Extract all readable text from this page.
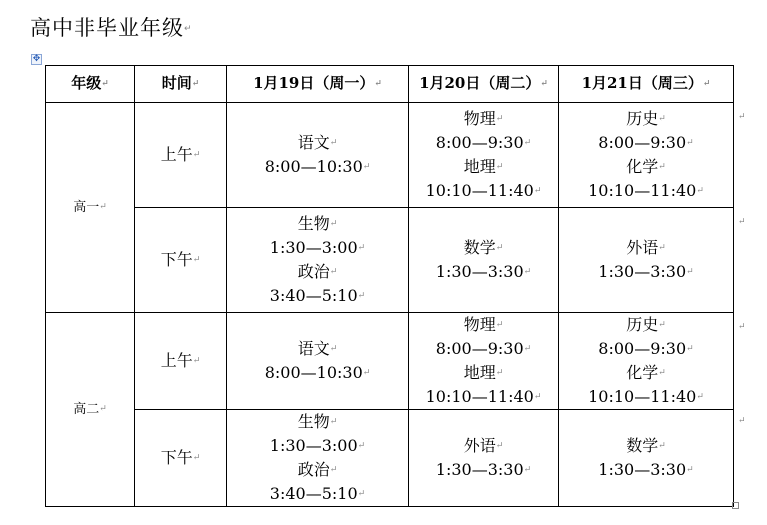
高中非毕业年级 ↵
✥
年级 ↵	时间 ↵	1月19日（周一） ↵	1月20日（周二） ↵	1月21日（周三） ↵
高一 ↵	上午 ↵	语文 ↵
8:00—10:30 ↵	物理 ↵
8:00—9:30 ↵
地理 ↵
10:10—11:40 ↵	历史 ↵
8:00—9:30 ↵
化学 ↵
10:10—11:40 ↵

	下午 ↵	生物 ↵
1:30—3:00 ↵
政治 ↵
3:40—5:10 ↵	数学 ↵
1:30—3:30 ↵	外语 ↵
1:30—3:30 ↵

高二 ↵	上午 ↵	语文 ↵
8:00—10:30 ↵	物理 ↵
8:00—9:30 ↵
地理 ↵
10:10—11:40 ↵	历史 ↵
8:00—9:30 ↵
化学 ↵
10:10—11:40 ↵

	下午 ↵	生物 ↵
1:30—3:00 ↵
政治 ↵
3:40—5:10 ↵	外语 ↵
1:30—3:30 ↵	数学 ↵
1:30—3:30 ↵
↵
↵
↵
↵
